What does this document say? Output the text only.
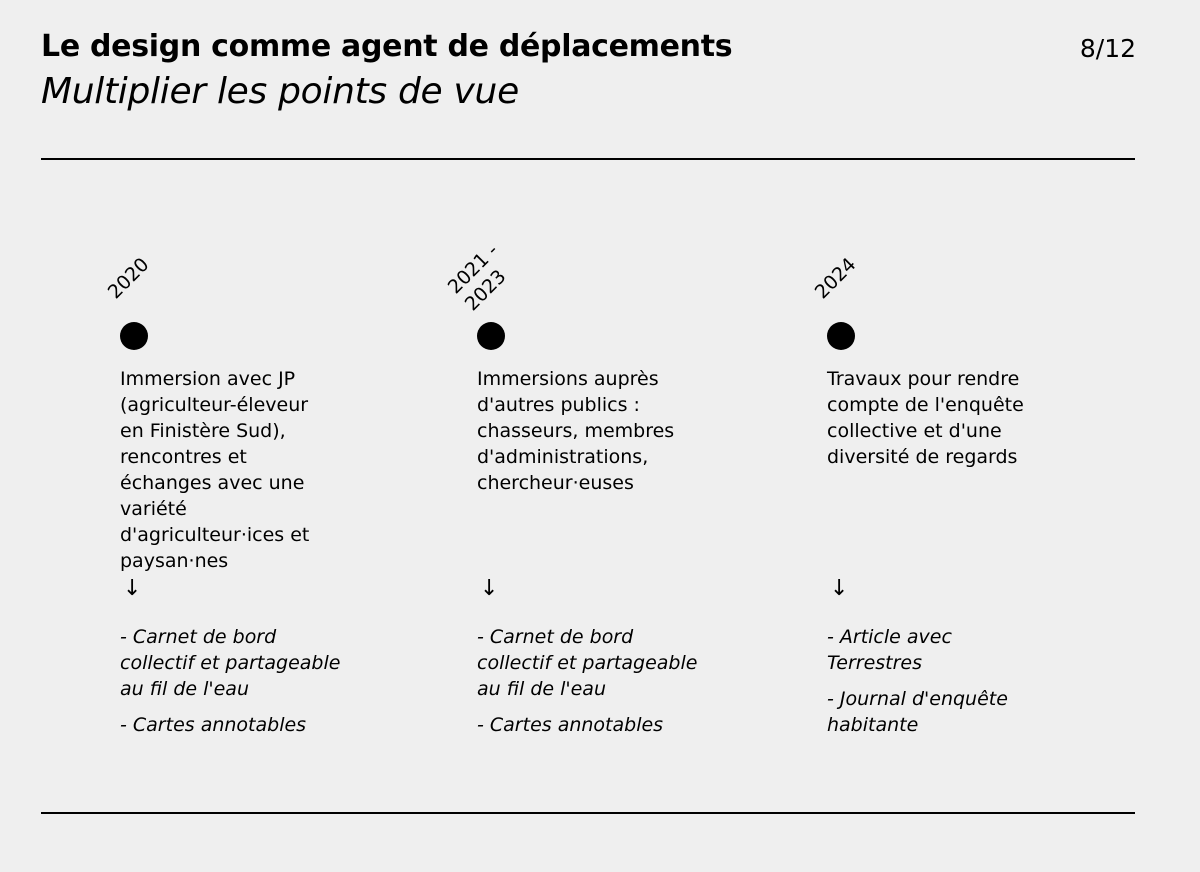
Le design comme agent de déplacements
Multiplier les points de vue
8/12
2020
Immersion avec JP
(agriculteur-éleveur
en Finistère Sud),
rencontres et
échanges avec une
variété
d'agriculteur·ices et
paysan·nes
↓
- Carnet de bord
collectif et partageable
au fil de l'eau
- Cartes annotables
2021 -
2023
Immersions auprès
d'autres publics :
chasseurs, membres
d'administrations,
chercheur·euses
↓
- Carnet de bord
collectif et partageable
au fil de l'eau
- Cartes annotables
2024
Travaux pour rendre
compte de l'enquête
collective et d'une
diversité de regards
↓
- Article avec
Terrestres
- Journal d'enquête
habitante
